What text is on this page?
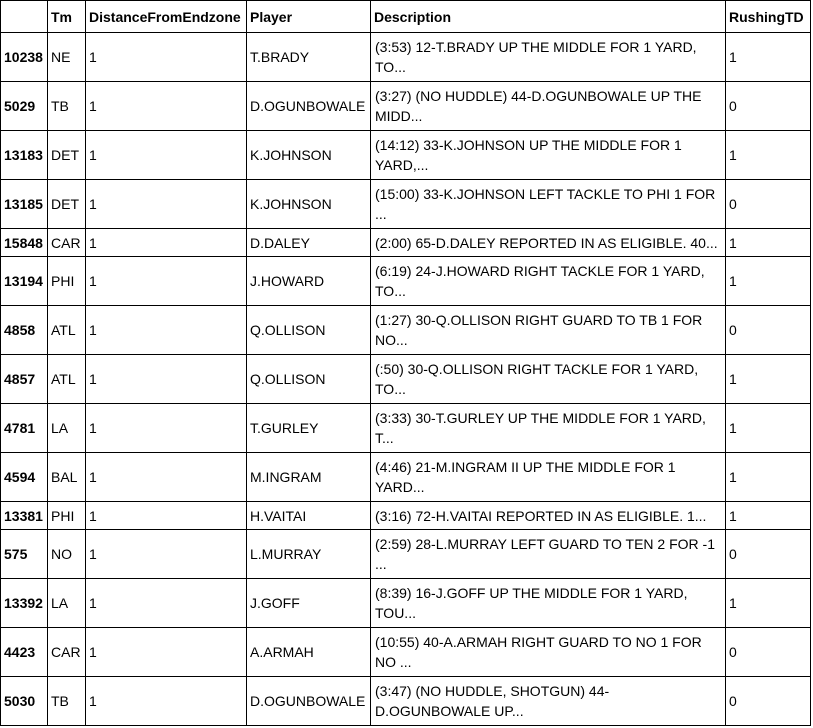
	Tm	DistanceFromEndzone	Player	Description	RushingTD
10238	NE	1	T.BRADY	(3:53) 12-T.BRADY UP THE MIDDLE FOR 1 YARD, TO...	1
5029	TB	1	D.OGUNBOWALE	(3:27) (NO HUDDLE) 44-D.OGUNBOWALE UP THE MIDD...	0
13183	DET	1	K.JOHNSON	(14:12) 33-K.JOHNSON UP THE MIDDLE FOR 1 YARD,...	1
13185	DET	1	K.JOHNSON	(15:00) 33-K.JOHNSON LEFT TACKLE TO PHI 1 FOR ...	0
15848	CAR	1	D.DALEY	(2:00) 65-D.DALEY REPORTED IN AS ELIGIBLE. 40...	1
13194	PHI	1	J.HOWARD	(6:19) 24-J.HOWARD RIGHT TACKLE FOR 1 YARD, TO...	1
4858	ATL	1	Q.OLLISON	(1:27) 30-Q.OLLISON RIGHT GUARD TO TB 1 FOR NO...	0
4857	ATL	1	Q.OLLISON	(:50) 30-Q.OLLISON RIGHT TACKLE FOR 1 YARD, TO...	1
4781	LA	1	T.GURLEY	(3:33) 30-T.GURLEY UP THE MIDDLE FOR 1 YARD, T...	1
4594	BAL	1	M.INGRAM	(4:46) 21-M.INGRAM II UP THE MIDDLE FOR 1 YARD...	1
13381	PHI	1	H.VAITAI	(3:16) 72-H.VAITAI REPORTED IN AS ELIGIBLE. 1...	1
575	NO	1	L.MURRAY	(2:59) 28-L.MURRAY LEFT GUARD TO TEN 2 FOR -1 ...	0
13392	LA	1	J.GOFF	(8:39) 16-J.GOFF UP THE MIDDLE FOR 1 YARD, TOU...	1
4423	CAR	1	A.ARMAH	(10:55) 40-A.ARMAH RIGHT GUARD TO NO 1 FOR NO ...	0
5030	TB	1	D.OGUNBOWALE	(3:47) (NO HUDDLE, SHOTGUN) 44-D.OGUNBOWALE UP...	0
